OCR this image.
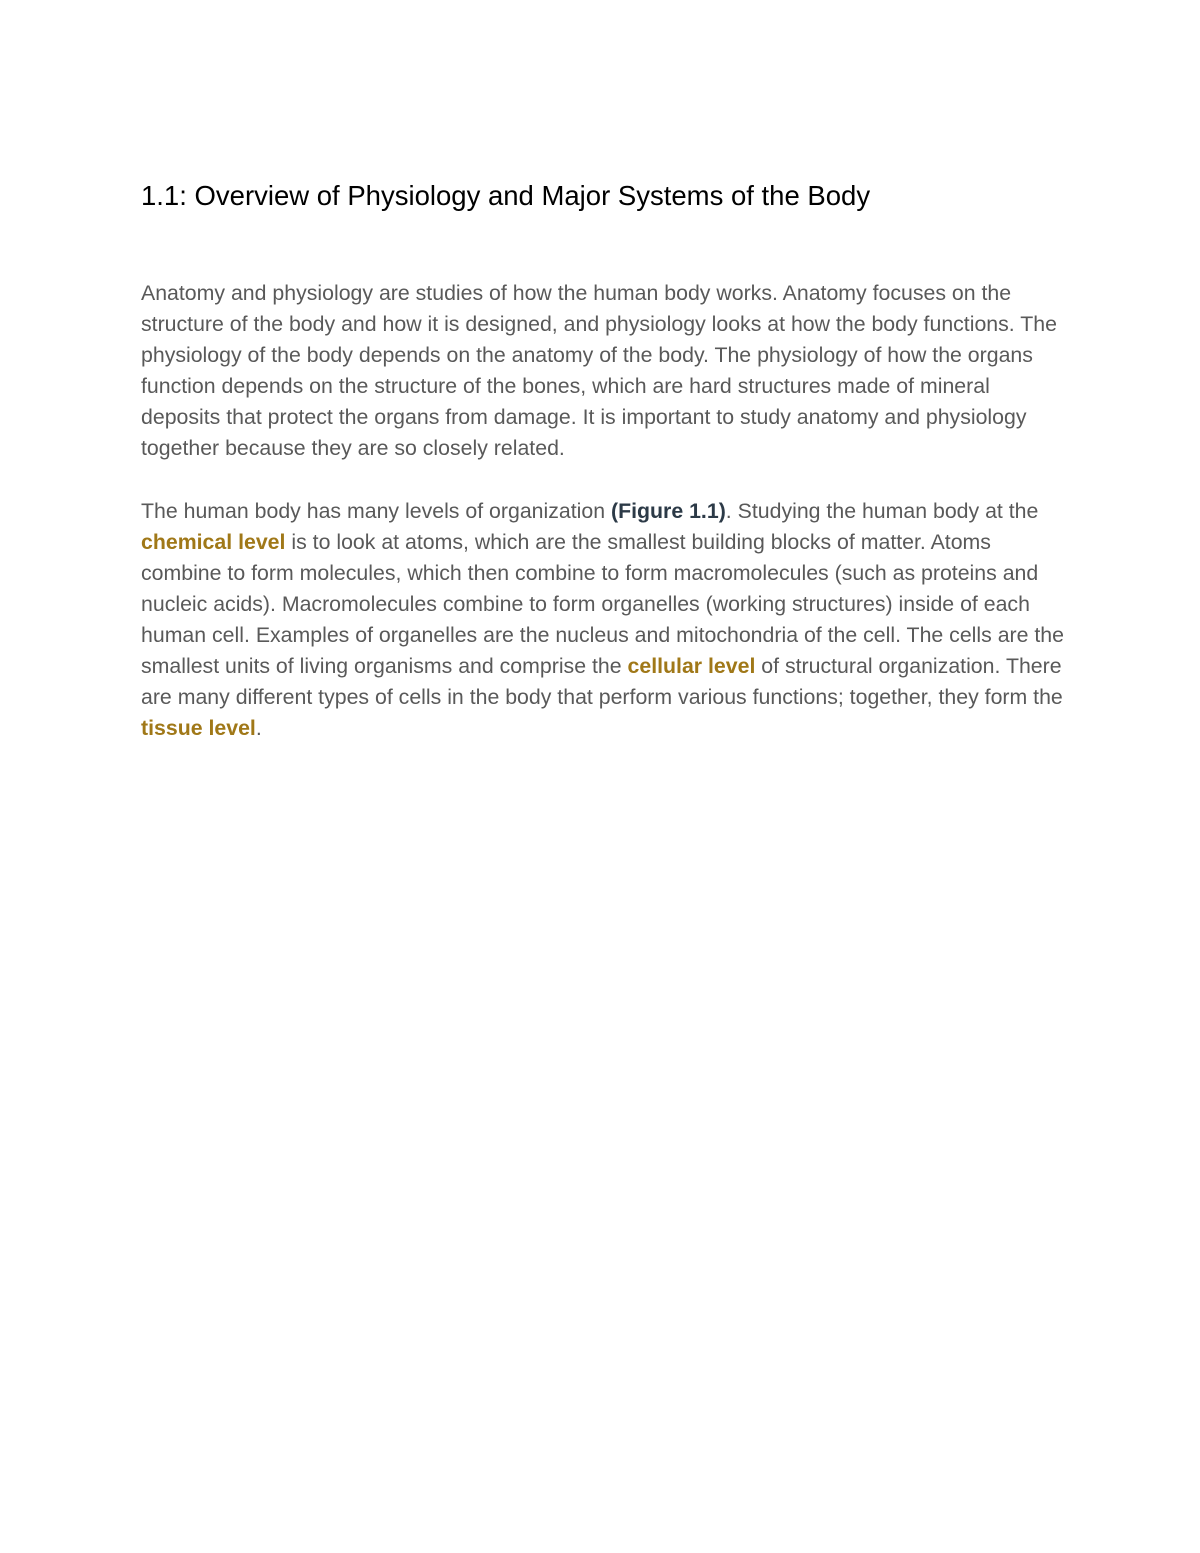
1.1: Overview of Physiology and Major Systems of the Body

Anatomy and physiology are studies of how the human body works. Anatomy focuses on the structure of the body and how it is designed, and physiology looks at how the body functions. The physiology of the body depends on the anatomy of the body. The physiology of how the organs function depends on the structure of the bones, which are hard structures made of mineral deposits that protect the organs from damage. It is important to study anatomy and physiology together because they are so closely related.

The human body has many levels of organization (Figure 1.1). Studying the human body at the chemical level is to look at atoms, which are the smallest building blocks of matter. Atoms combine to form molecules, which then combine to form macromolecules (such as proteins and nucleic acids). Macromolecules combine to form organelles (working structures) inside of each human cell. Examples of organelles are the nucleus and mitochondria of the cell. The cells are the smallest units of living organisms and comprise the cellular level of structural organization. There are many different types of cells in the body that perform various functions; together, they form the tissue level.
